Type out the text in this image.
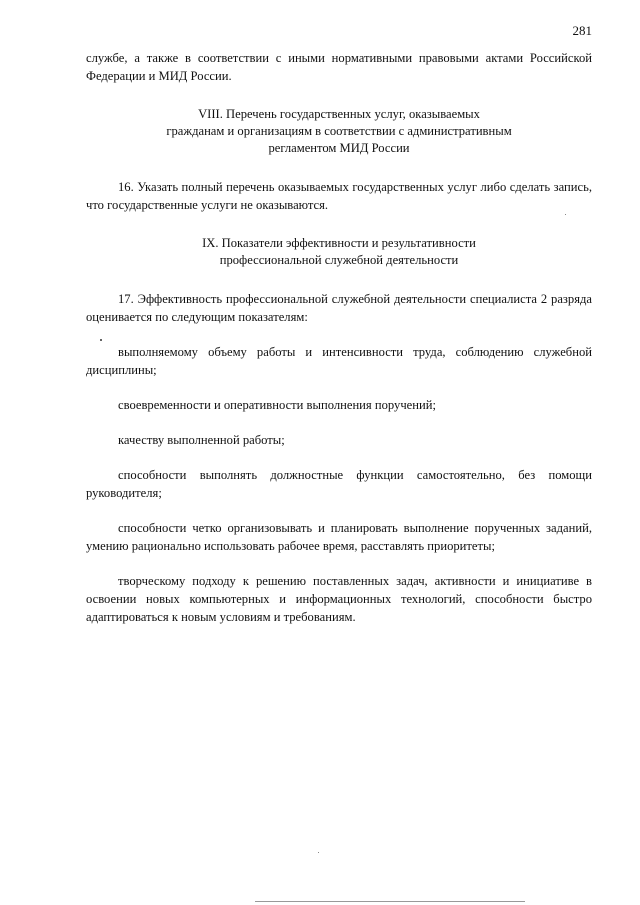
281

службе, а также в соответствии с иными нормативными правовыми актами Российской Федерации и МИД России.

VIII. Перечень государственных услуг, оказываемых
гражданам и организациям в соответствии с административным
регламентом МИД России

16. Указать полный перечень оказываемых государственных услуг либо сделать запись, что государственные услуги не оказываются.

IX. Показатели эффективности и результативности
профессиональной служебной деятельности

17. Эффективность профессиональной служебной деятельности специалиста 2 разряда оценивается по следующим показателям:

выполняемому объему работы и интенсивности труда, соблюдению служебной дисциплины;

своевременности и оперативности выполнения поручений;

качеству выполненной работы;

способности выполнять должностные функции самостоятельно, без помощи руководителя;

способности четко организовывать и планировать выполнение порученных заданий, умению рационально использовать рабочее время, расставлять приоритеты;

творческому подходу к решению поставленных задач, активности и инициативе в освоении новых компьютерных и информационных технологий, способности быстро адаптироваться к новым условиям и требованиям.
